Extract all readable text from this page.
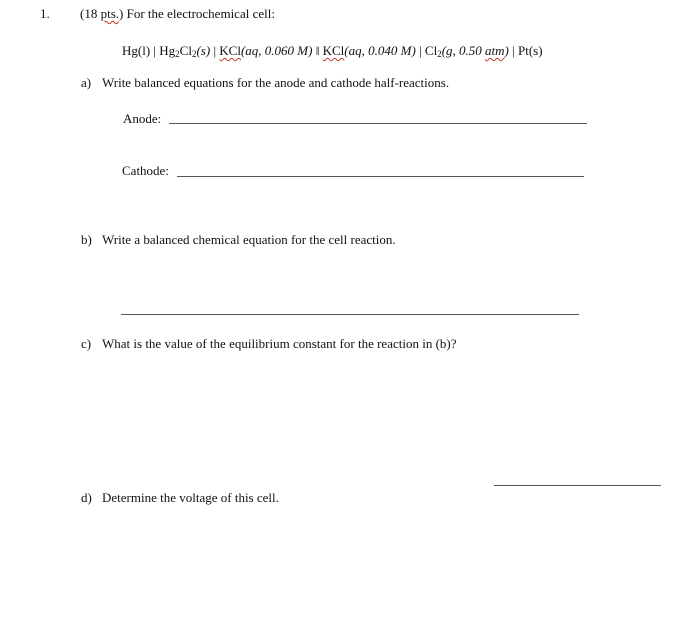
1. (18 pts.) For the electrochemical cell:
Hg(l) | $Hg_2Cl_2(s)$ | KCl(aq, 0.060 M) ‖ KCl(aq, 0.040 M) | $Cl_2(g$, 0.50 atm) | Pt(s)
a) Write balanced equations for the anode and cathode half-reactions.
Anode:
Cathode:
b) Write a balanced chemical equation for the cell reaction.
c) What is the value of the equilibrium constant for the reaction in (b)?
d) Determine the voltage of this cell.
